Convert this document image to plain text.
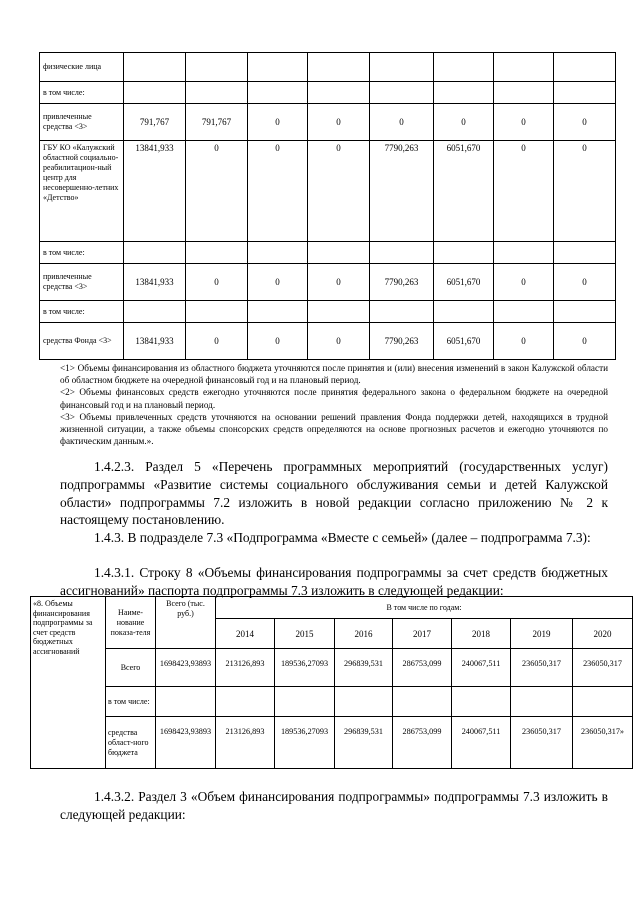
физические лица								
в том числе:								
привлеченные средства <3>	791,767	791,767	0	0	0	0	0	0
ГБУ КО «Калужский областной социально-реабилитацион-ный центр для несовершенно-летних «Детство»	13841,933	0	0	0	7790,263	6051,670	0	0
в том числе:								
привлеченные средства <3>	13841,933	0	0	0	7790,263	6051,670	0	0
в том числе:								
средства Фонда <3>	13841,933	0	0	0	7790,263	6051,670	0	0

<1> Объемы финансирования из областного бюджета уточняются после принятия и (или) внесения изменений в закон Калужской области об областном бюджете на очередной финансовый год и на плановый период.

<2> Объемы финансовых средств ежегодно уточняются после принятия федерального закона о федеральном бюджете на очередной финансовый год и на плановый период.

<3> Объемы привлеченных средств уточняются на основании решений правления Фонда поддержки детей, находящихся в трудной жизненной ситуации, а также объемы спонсорских средств определяются на основе прогнозных расчетов и ежегодно уточняются по фактическим данным.».

1.4.2.3. Раздел 5 «Перечень программных мероприятий (государственных услуг) подпрограммы «Развитие системы социального обслуживания семьи и детей Калужской области» подпрограммы 7.2 изложить в новой редакции согласно приложению № 2 к настоящему постановлению.

1.4.3. В подразделе 7.3 «Подпрограмма «Вместе с семьей» (далее – подпрограмма 7.3):

1.4.3.1. Строку 8 «Объемы финансирования подпрограммы за счет средств бюджетных ассигнований» паспорта подпрограммы 7.3 изложить в следующей редакции:

«8. Объемы финансирования подпрограммы за счет средств бюджетных ассигнований	Наиме-нование показа-теля	Всего (тыс. руб.)	В том числе по годам:						
			2014	2015	2016	2017	2018	2019	2020
	Всего	1698423,93893	213126,893	189536,27093	296839,531	286753,099	240067,511	236050,317	236050,317
	в том числе:								
	средства област-ного бюджета	1698423,93893	213126,893	189536,27093	296839,531	286753,099	240067,511	236050,317	236050,317»

1.4.3.2. Раздел 3 «Объем финансирования подпрограммы» подпрограммы 7.3 изложить в следующей редакции:
